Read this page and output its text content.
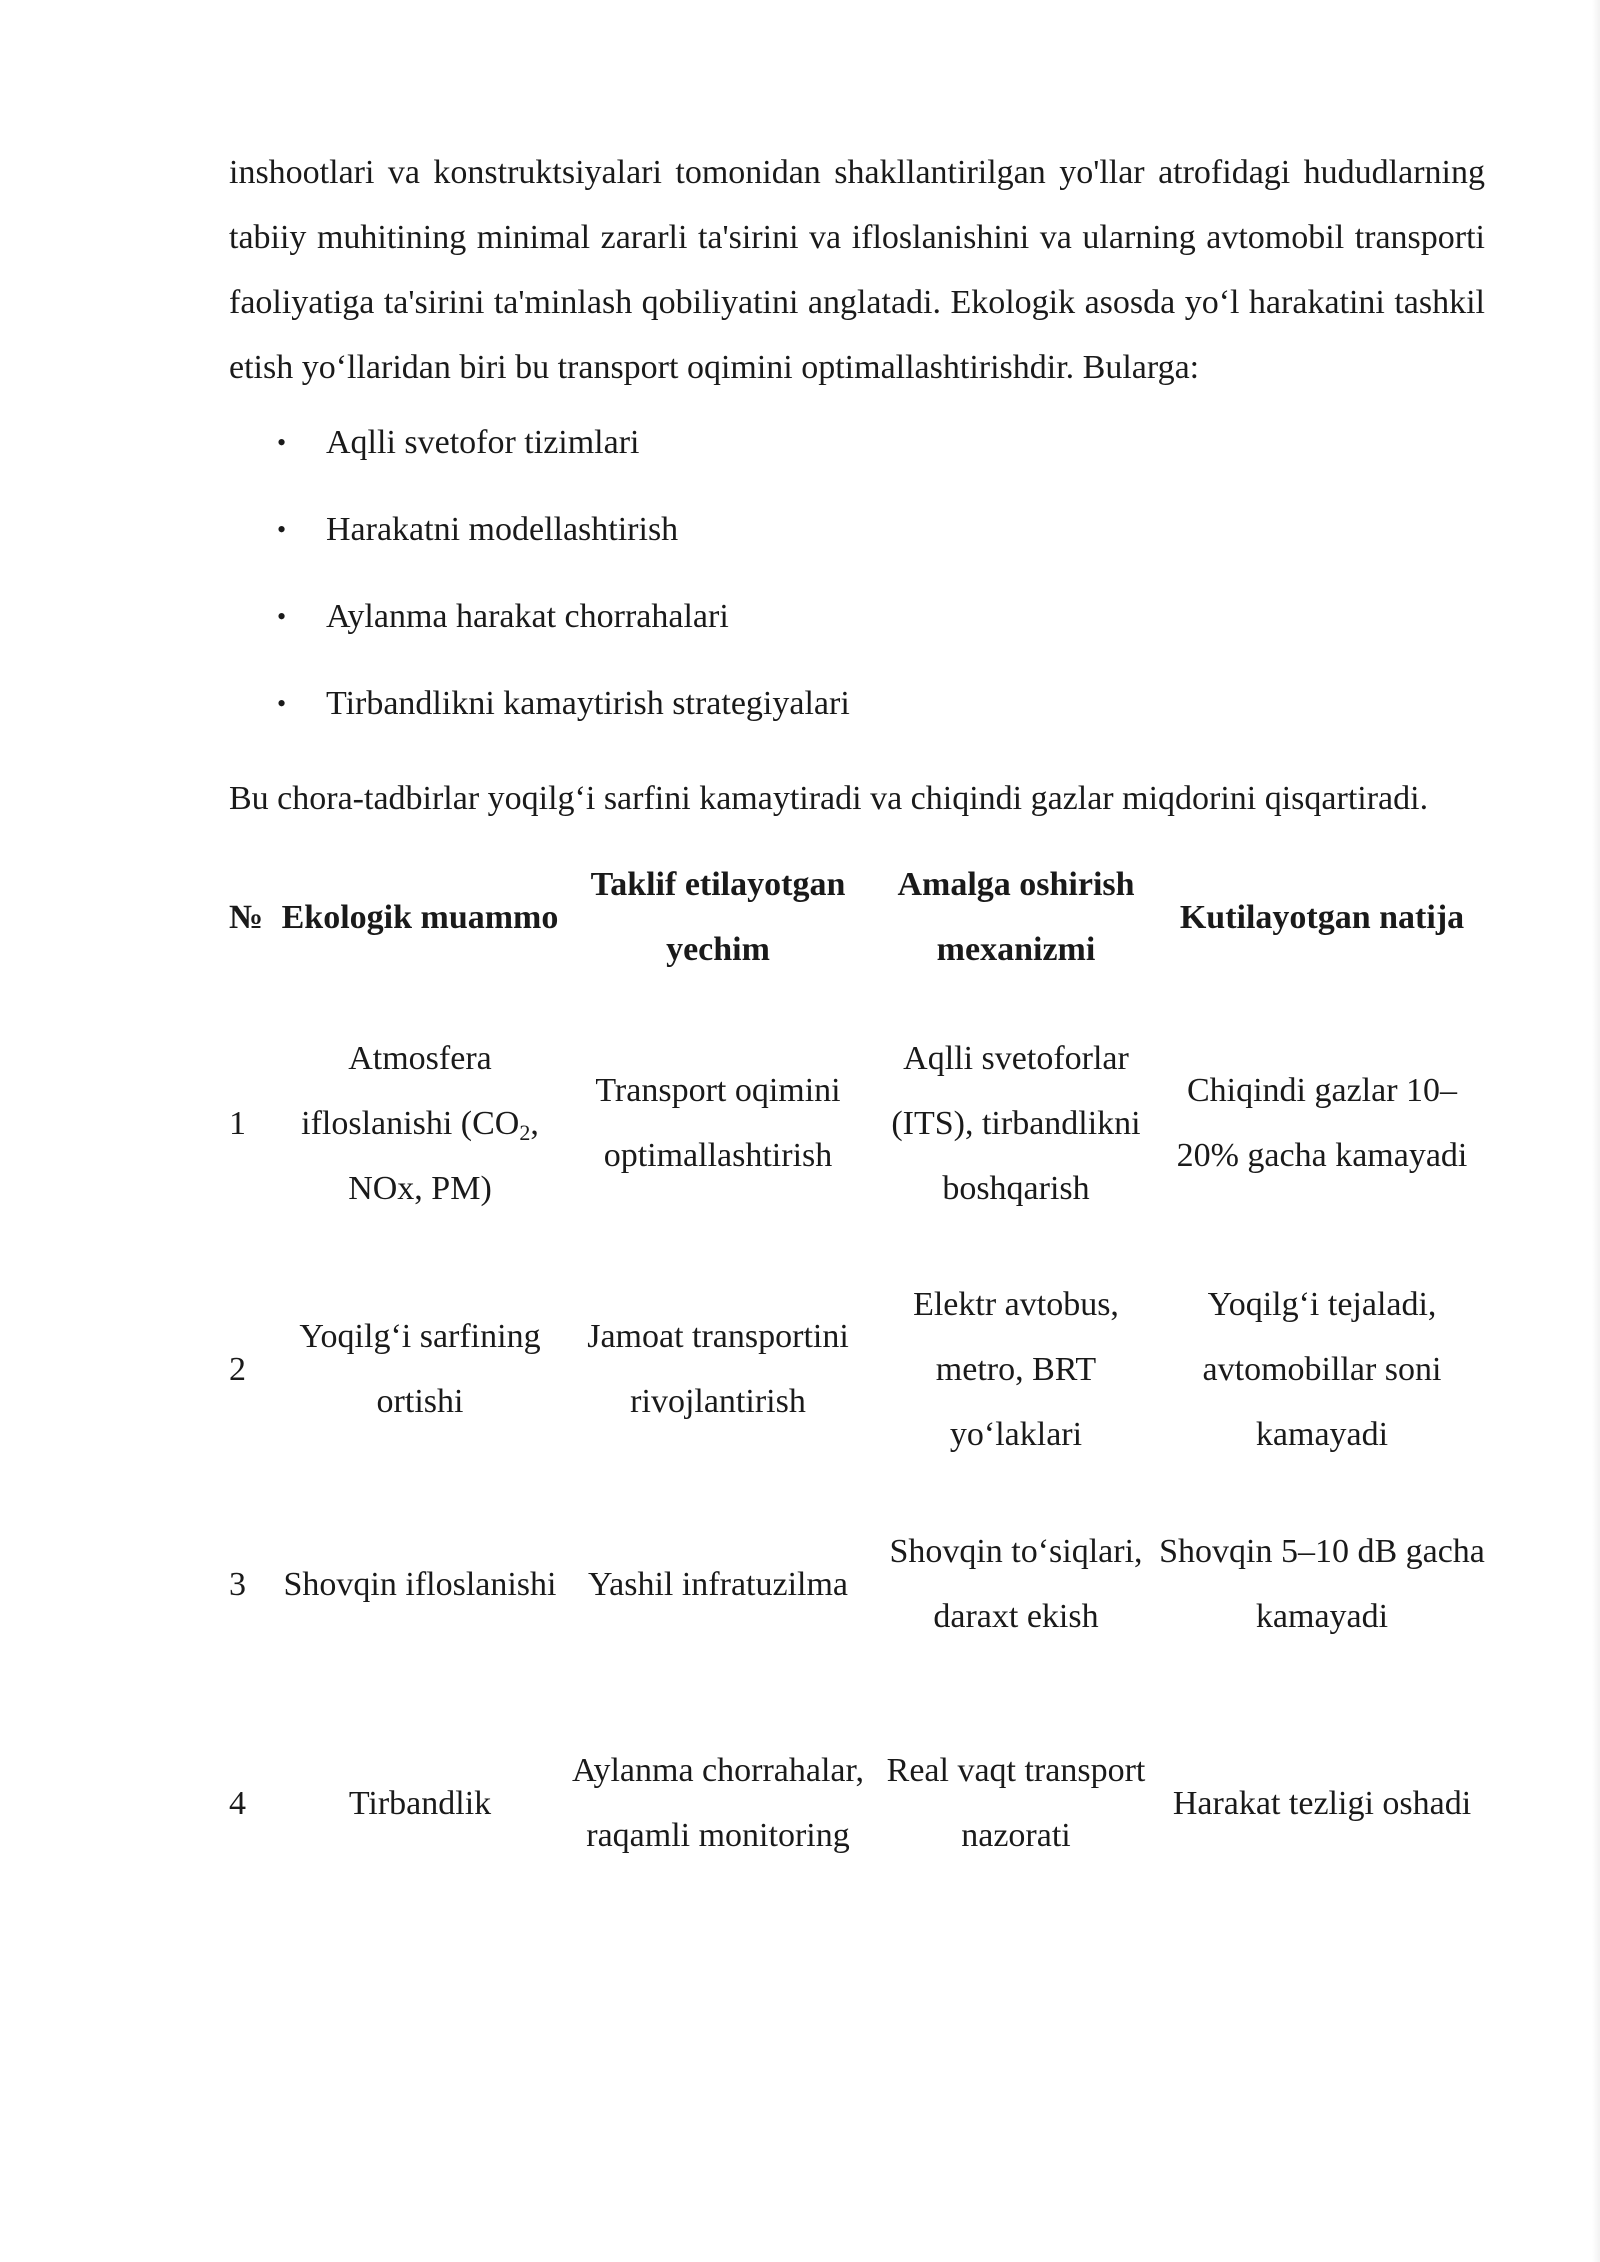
inshootlari va konstruktsiyalari tomonidan shakllantirilgan yo'llar atrofidagi hududlarning tabiiy muhitining minimal zararli ta'sirini va ifloslanishini va ularning avtomobil transporti faoliyatiga ta'sirini ta'minlash qobiliyatini anglatadi. Ekologik asosda yo‘l harakatini tashkil etish yo‘llaridan biri bu transport oqimini optimallashtirishdir. Bularga:

• Aqlli svetofor tizimlari
• Harakatni modellashtirish
• Aylanma harakat chorrahalari
• Tirbandlikni kamaytirish strategiyalari

Bu chora-tadbirlar yoqilg‘i sarfini kamaytiradi va chiqindi gazlar miqdorini qisqartiradi.

№	Ekologik muammo	Taklif etilayotgan yechim	Amalga oshirish mexanizmi	Kutilayotgan natija
1	Atmosfera ifloslanishi ($CO_2$, NOx, PM)	Transport oqimini optimallashtirish	Aqlli svetoforlar (ITS), tirbandlikni boshqarish	Chiqindi gazlar 10–20% gacha kamayadi
2	Yoqilg‘i sarfining ortishi	Jamoat transportini rivojlantirish	Elektr avtobus, metro, BRT yo‘laklari	Yoqilg‘i tejaladi, avtomobillar soni kamayadi
3	Shovqin ifloslanishi	Yashil infratuzilma	Shovqin to‘siqlari, daraxt ekish	Shovqin 5–10 dB gacha kamayadi
4	Tirbandlik	Aylanma chorrahalar, raqamli monitoring	Real vaqt transport nazorati	Harakat tezligi oshadi
